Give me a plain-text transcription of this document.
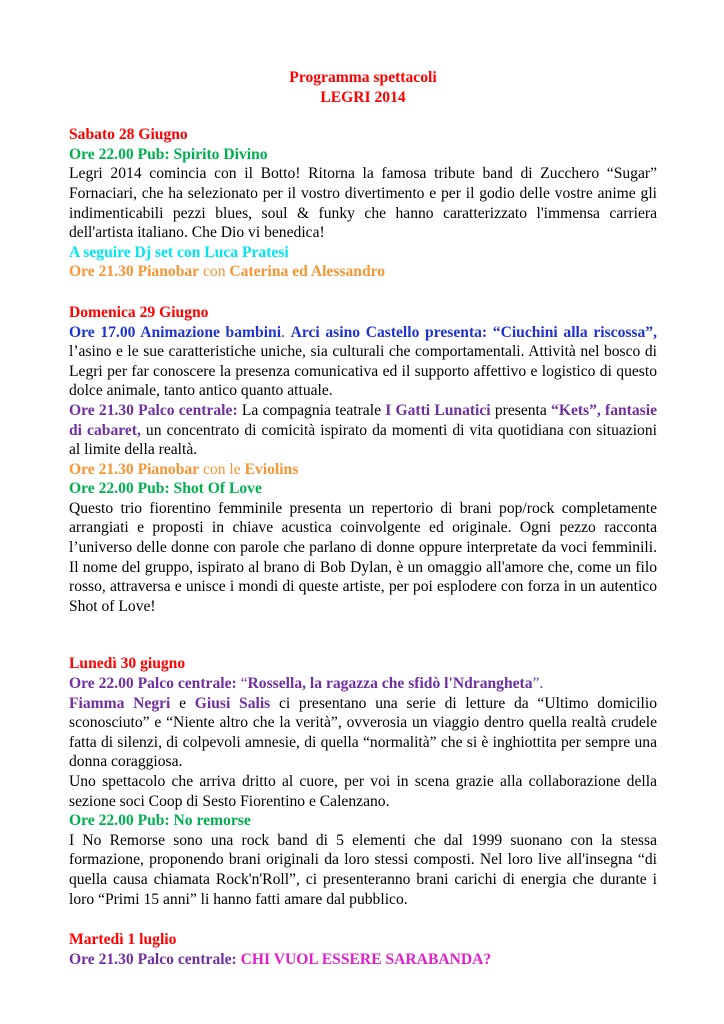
Programma spettacoli
LEGRI 2014

Sabato 28 Giugno

Ore 22.00 Pub: Spirito Divino

Legri 2014 comincia con il Botto! Ritorna la famosa tribute band di Zucchero “Sugar” Fornaciari, che ha selezionato per il vostro divertimento e per il godio delle vostre anime gli indimenticabili pezzi blues, soul & funky che hanno caratterizzato l'immensa carriera dell'artista italiano. Che Dio vi benedica!

A seguire Dj set con Luca Pratesi

Ore 21.30 Pianobar con Caterina ed Alessandro

Domenica 29 Giugno

Ore 17.00 Animazione bambini. Arci asino Castello presenta: “Ciuchini alla riscossa”, l’asino e le sue caratteristiche uniche, sia culturali che comportamentali. Attività nel bosco di Legri per far conoscere la presenza comunicativa ed il supporto affettivo e logistico di questo dolce animale, tanto antico quanto attuale.

Ore 21.30 Palco centrale: La compagnia teatrale I Gatti Lunatici presenta “Kets”, fantasie di cabaret, un concentrato di comicità ispirato da momenti di vita quotidiana con situazioni al limite della realtà.

Ore 21.30 Pianobar con le Eviolins

Ore 22.00 Pub: Shot Of Love

Questo trio fiorentino femminile presenta un repertorio di brani pop/rock completamente arrangiati e proposti in chiave acustica coinvolgente ed originale. Ogni pezzo racconta l’universo delle donne con parole che parlano di donne oppure interpretate da voci femminili. Il nome del gruppo, ispirato al brano di Bob Dylan, è un omaggio all'amore che, come un filo rosso, attraversa e unisce i mondi di queste artiste, per poi esplodere con forza in un autentico Shot of Love!

Lunedì 30 giugno

Ore 22.00 Palco centrale: “Rossella, la ragazza che sfidò l'Ndrangheta”.

Fiamma Negri e Giusi Salis ci presentano una serie di letture da “Ultimo domicilio sconosciuto” e “Niente altro che la verità”, ovverosia un viaggio dentro quella realtà crudele fatta di silenzi, di colpevoli amnesie, di quella “normalità” che si è inghiottita per sempre una donna coraggiosa.

Uno spettacolo che arriva dritto al cuore, per voi in scena grazie alla collaborazione della sezione soci Coop di Sesto Fiorentino e Calenzano.

Ore 22.00 Pub: No remorse

I No Remorse sono una rock band di 5 elementi che dal 1999 suonano con la stessa formazione, proponendo brani originali da loro stessi composti. Nel loro live all'insegna “di quella causa chiamata Rock'n'Roll”, ci presenteranno brani carichi di energia che durante i loro “Primi 15 anni” li hanno fatti amare dal pubblico.

Martedì 1 luglio

Ore 21.30 Palco centrale: CHI VUOL ESSERE SARABANDA?
